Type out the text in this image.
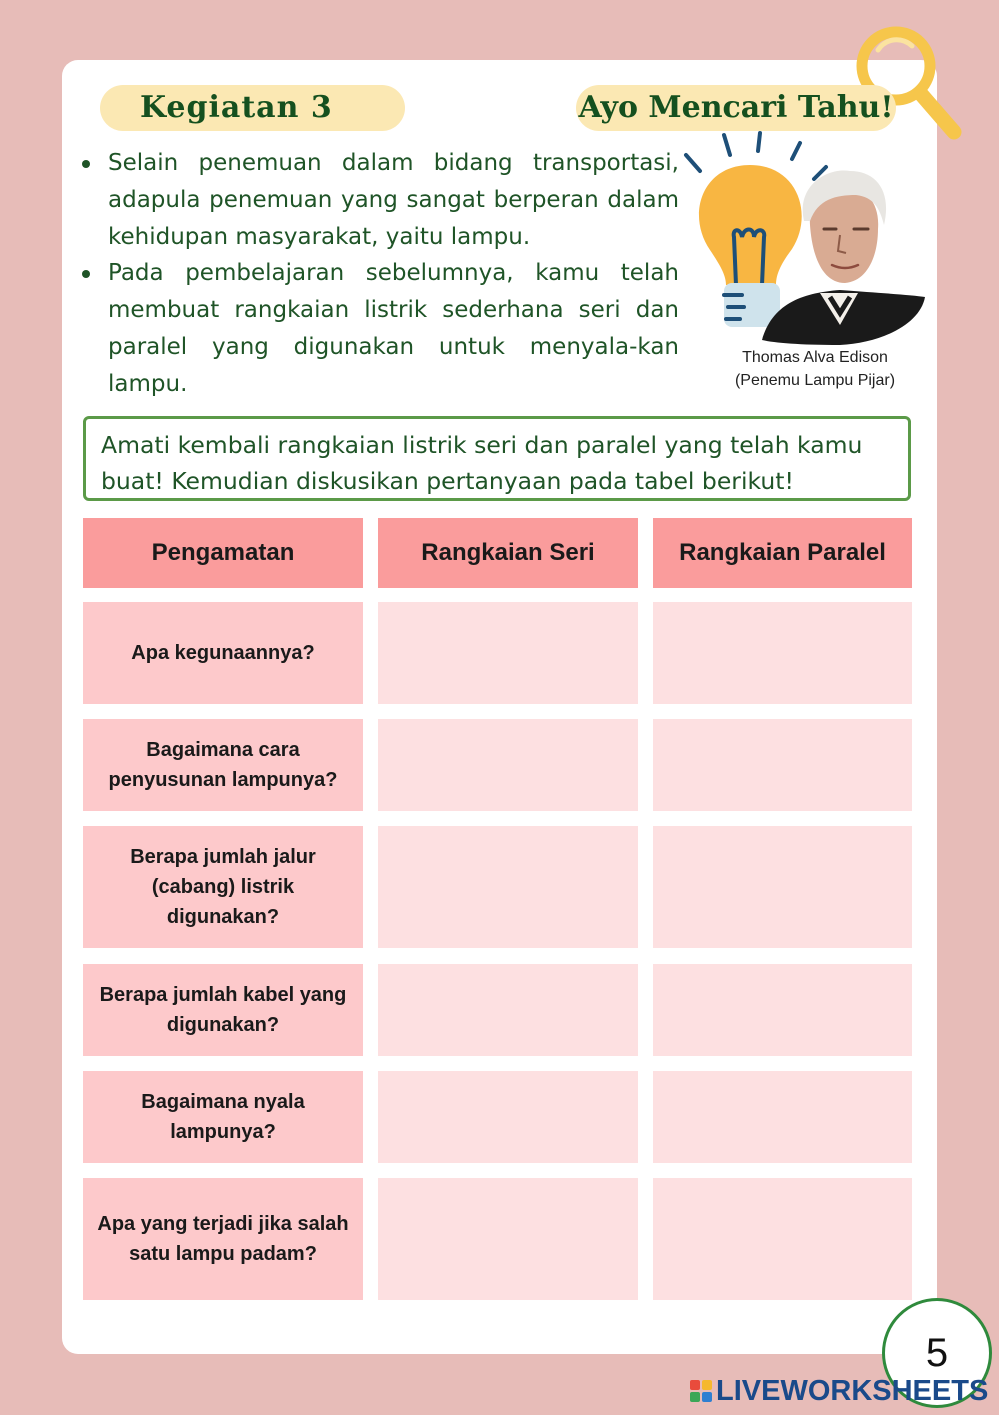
Kegiatan 3	Ayo Mencari Tahu!
Selain penemuan dalam bidang transportasi, adapula penemuan yang sangat berperan dalam kehidupan masyarakat, yaitu lampu.
Pada pembelajaran sebelumnya, kamu telah membuat rangkaian listrik sederhana seri dan paralel yang digunakan untuk menyala-kan lampu.
Thomas Alva Edison
(Penemu Lampu Pijar)
Amati kembali rangkaian listrik seri dan paralel yang telah kamu
buat! Kemudian diskusikan pertanyaan pada tabel berikut!
Pengamatan	Rangkaian Seri	Rangkaian Paralel
Apa kegunaannya?
Bagaimana cara penyusunan lampunya?
Berapa jumlah jalur (cabang) listrik digunakan?
Berapa jumlah kabel yang digunakan?
Bagaimana nyala lampunya?
Apa yang terjadi jika salah satu lampu padam?
5
LIVEWORKSHEETS
